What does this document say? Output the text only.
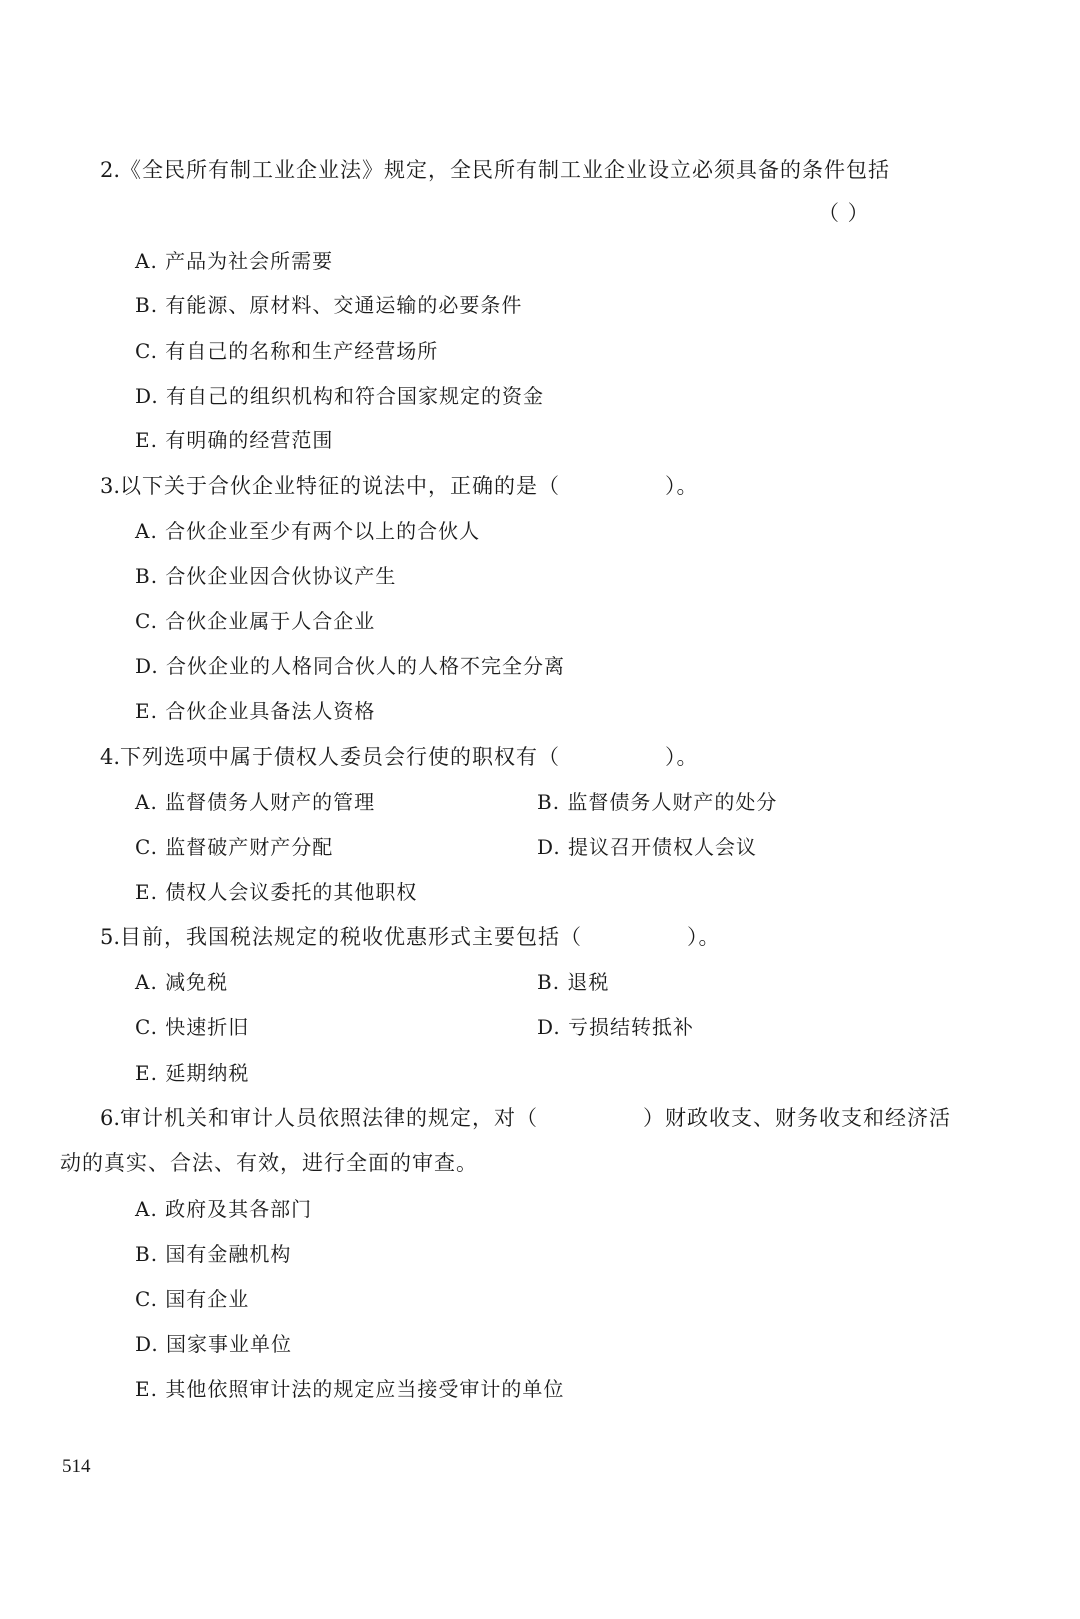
2.《全民所有制工业企业法》规定，全民所有制工业企业设立必须具备的条件包括
（ ）
A. 产品为社会所需要
B. 有能源、原材料、交通运输的必要条件
C. 有自己的名称和生产经营场所
D. 有自己的组织机构和符合国家规定的资金
E. 有明确的经营范围
3.以下关于合伙企业特征的说法中，正确的是（	）。
A. 合伙企业至少有两个以上的合伙人
B. 合伙企业因合伙协议产生
C. 合伙企业属于人合企业
D. 合伙企业的人格同合伙人的人格不完全分离
E. 合伙企业具备法人资格
4.下列选项中属于债权人委员会行使的职权有（	）。
A. 监督债务人财产的管理	B. 监督债务人财产的处分
C. 监督破产财产分配	D. 提议召开债权人会议
E. 债权人会议委托的其他职权
5.目前，我国税法规定的税收优惠形式主要包括（	）。
A. 减免税	B. 退税
C. 快速折旧	D. 亏损结转抵补
E. 延期纳税
6.审计机关和审计人员依照法律的规定，对（	）财政收支、财务收支和经济活
动的真实、合法、有效，进行全面的审查。
A. 政府及其各部门
B. 国有金融机构
C. 国有企业
D. 国家事业单位
E. 其他依照审计法的规定应当接受审计的单位
514
